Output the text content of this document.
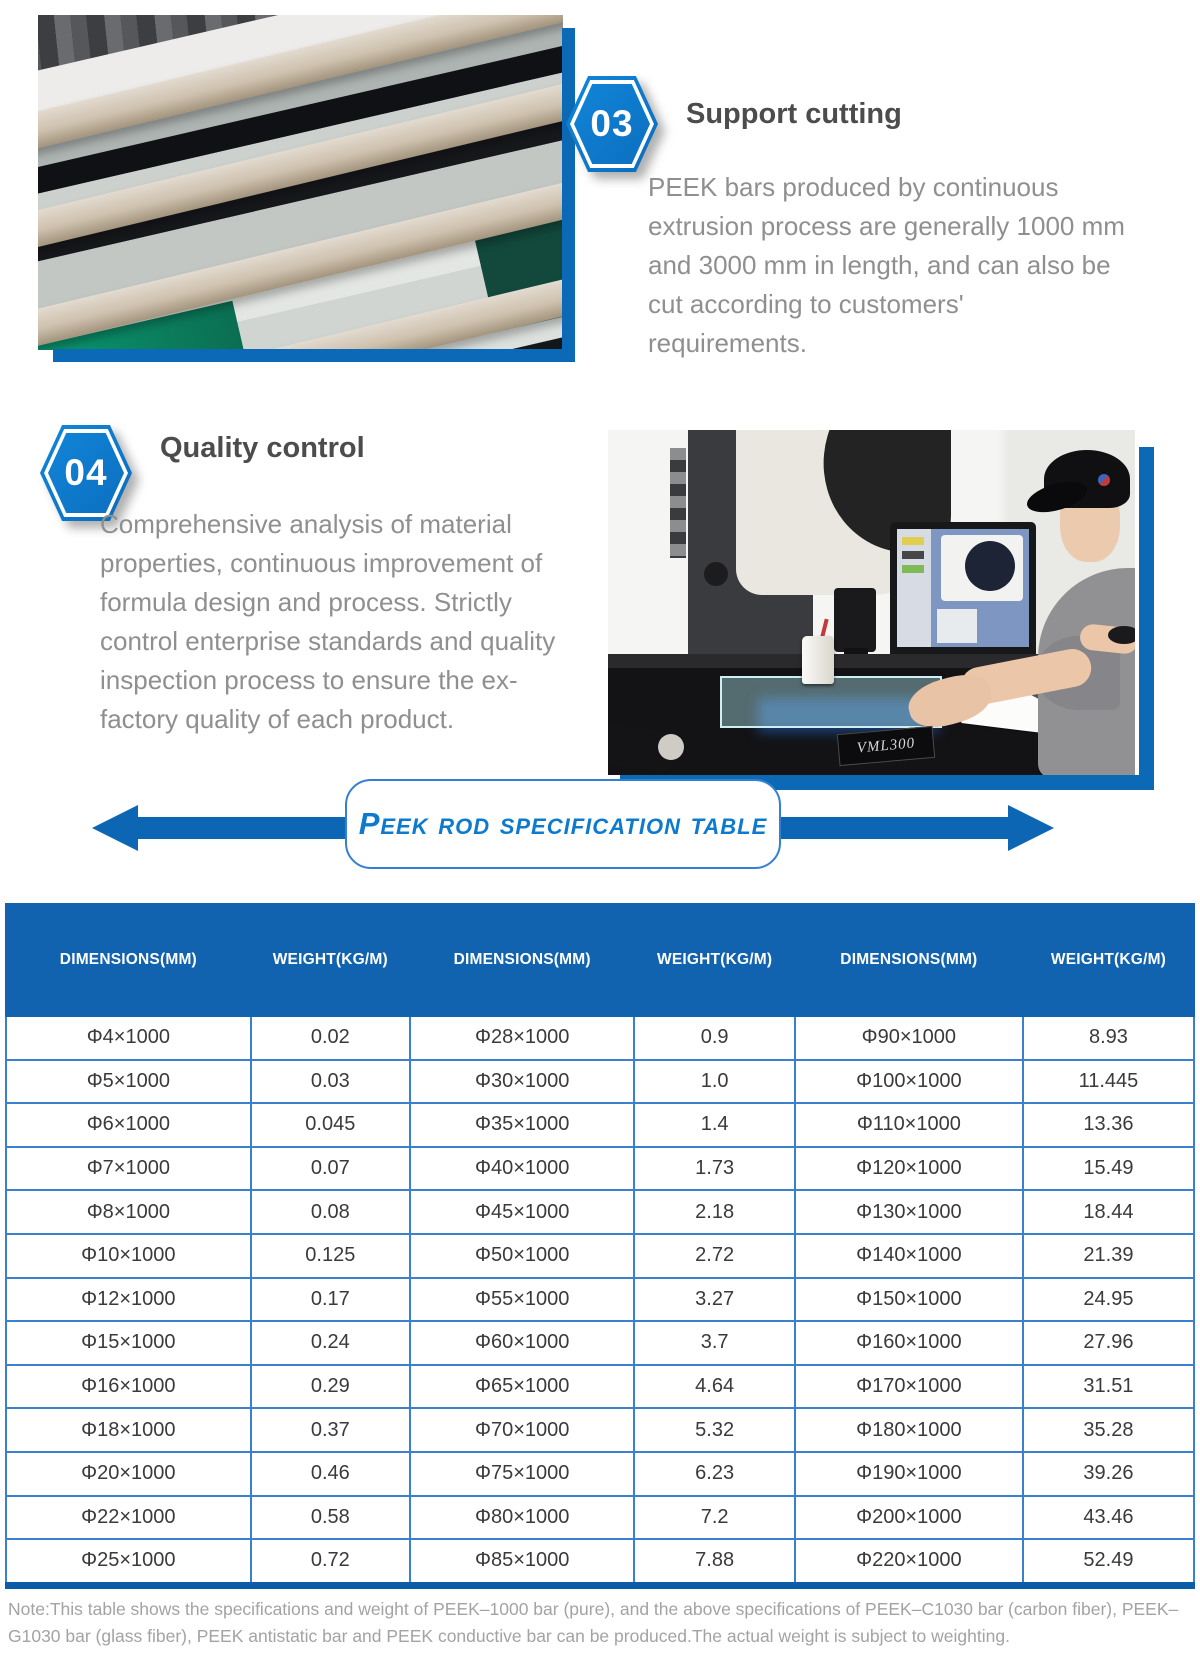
03 Support cutting
PEEK bars produced by continuous extrusion process are generally 1000 mm and 3000 mm in length, and can also be cut according to customers' requirements.
04
Quality control
Comprehensive analysis of material properties, continuous improvement of formula design and process. Strictly control enterprise standards and quality inspection process to ensure the ex-factory quality of each product.
VML300
Peek rod specification table
DIMENSIONS(MM)	WEIGHT(KG/M)	DIMENSIONS(MM)	WEIGHT(KG/M)	DIMENSIONS(MM)	WEIGHT(KG/M)
Φ4×1000	0.02	Φ28×1000	0.9	Φ90×1000	8.93
Φ5×1000	0.03	Φ30×1000	1.0	Φ100×1000	11.445
Φ6×1000	0.045	Φ35×1000	1.4	Φ110×1000	13.36
Φ7×1000	0.07	Φ40×1000	1.73	Φ120×1000	15.49
Φ8×1000	0.08	Φ45×1000	2.18	Φ130×1000	18.44
Φ10×1000	0.125	Φ50×1000	2.72	Φ140×1000	21.39
Φ12×1000	0.17	Φ55×1000	3.27	Φ150×1000	24.95
Φ15×1000	0.24	Φ60×1000	3.7	Φ160×1000	27.96
Φ16×1000	0.29	Φ65×1000	4.64	Φ170×1000	31.51
Φ18×1000	0.37	Φ70×1000	5.32	Φ180×1000	35.28
Φ20×1000	0.46	Φ75×1000	6.23	Φ190×1000	39.26
Φ22×1000	0.58	Φ80×1000	7.2	Φ200×1000	43.46
Φ25×1000	0.72	Φ85×1000	7.88	Φ220×1000	52.49
Note:This table shows the specifications and weight of PEEK–1000 bar (pure), and the above specifications of PEEK–C1030 bar (carbon fiber), PEEK–G1030 bar (glass fiber), PEEK antistatic bar and PEEK conductive bar can be produced.The actual weight is subject to weighting.
